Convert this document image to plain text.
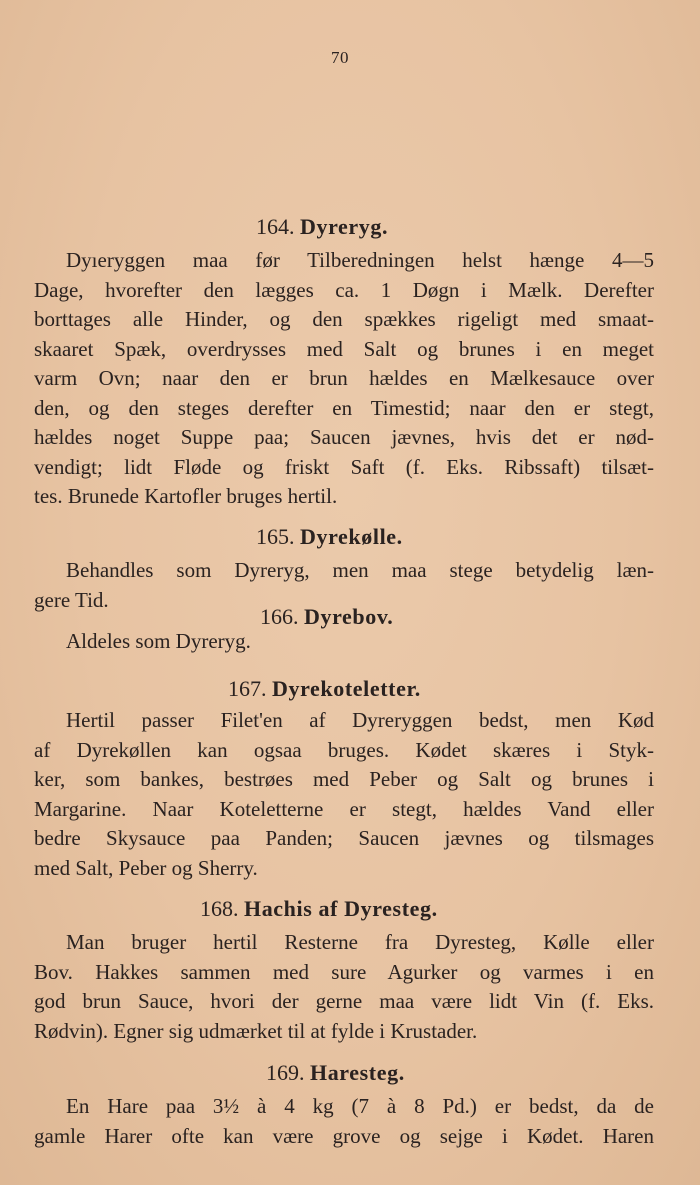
70
164. Dyreryg.
Dyıeryggen maa før Tilberedningen helst hænge 4—5
Dage, hvorefter den lægges ca. 1 Døgn i Mælk. Derefter
borttages alle Hinder, og den spækkes rigeligt med smaat-
skaaret Spæk, overdrysses med Salt og brunes i en meget
varm Ovn; naar den er brun hældes en Mælkesauce over
den, og den steges derefter en Timestid; naar den er stegt,
hældes noget Suppe paa; Saucen jævnes, hvis det er nød-
vendigt; lidt Fløde og friskt Saft (f. Eks. Ribssaft) tilsæt-
tes. Brunede Kartofler bruges hertil.
165. Dyrekølle.
Behandles som Dyreryg, men maa stege betydelig læn-
gere Tid.
166. Dyrebov.
Aldeles som Dyreryg.
167. Dyrekoteletter.
Hertil passer Filet'en af Dyreryggen bedst, men Kød
af Dyrekøllen kan ogsaa bruges. Kødet skæres i Styk-
ker, som bankes, bestrøes med Peber og Salt og brunes i
Margarine. Naar Koteletterne er stegt, hældes Vand eller
bedre Skysauce paa Panden; Saucen jævnes og tilsmages
med Salt, Peber og Sherry.
168. Hachis af Dyresteg.
Man bruger hertil Resterne fra Dyresteg, Kølle eller
Bov. Hakkes sammen med sure Agurker og varmes i en
god brun Sauce, hvori der gerne maa være lidt Vin (f. Eks.
Rødvin). Egner sig udmærket til at fylde i Krustader.
169. Haresteg.
En Hare paa 3½ à 4 kg (7 à 8 Pd.) er bedst, da de
gamle Harer ofte kan være grove og sejge i Kødet. Haren
